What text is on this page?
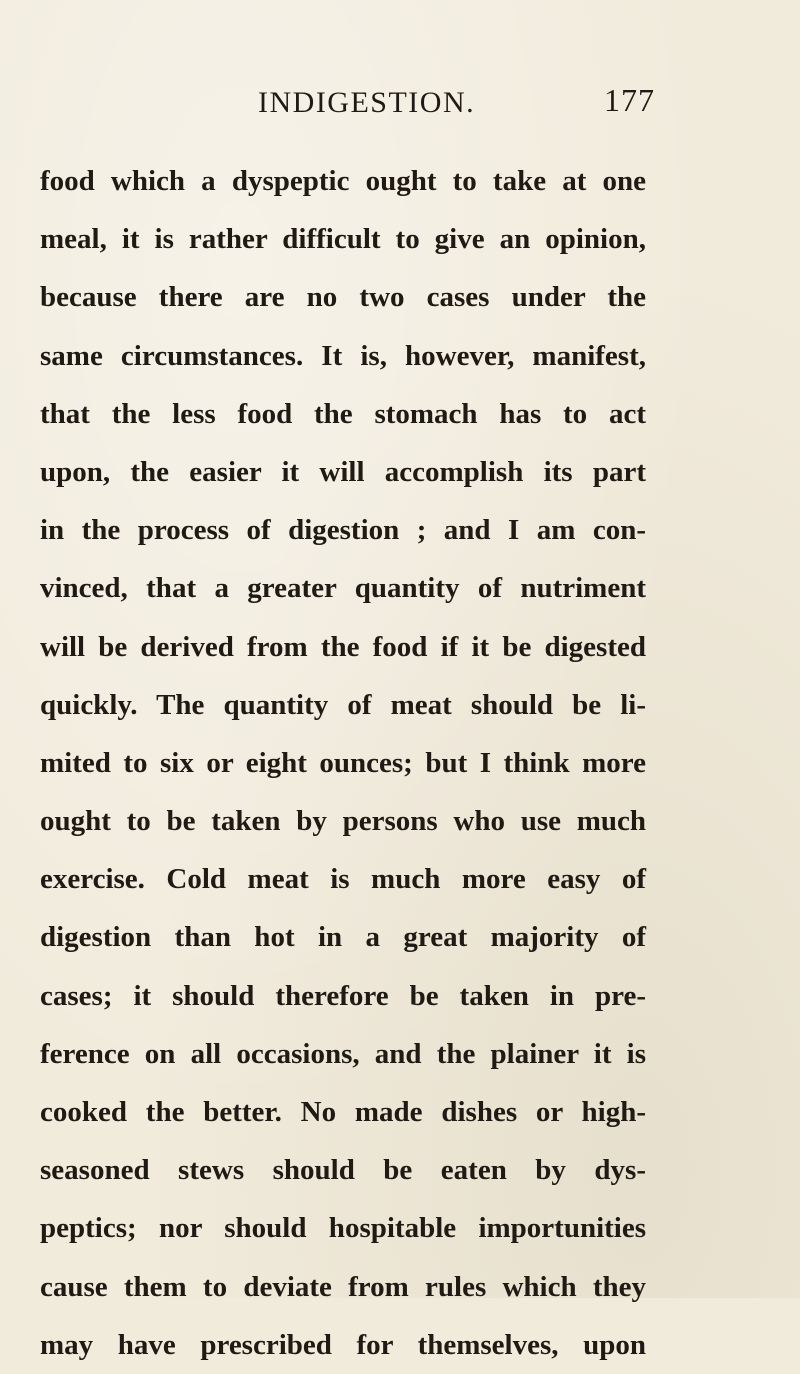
INDIGESTION.	177
food which a dyspeptic ought to take at one
meal, it is rather difficult to give an opinion,
because there are no two cases under the
same circumstances. It is, however, manifest,
that the less food the stomach has to act
upon, the easier it will accomplish its part
in the process of digestion ; and I am con-
vinced, that a greater quantity of nutriment
will be derived from the food if it be digested
quickly. The quantity of meat should be li-
mited to six or eight ounces; but I think more
ought to be taken by persons who use much
exercise. Cold meat is much more easy of
digestion than hot in a great majority of
cases; it should therefore be taken in pre-
ference on all occasions, and the plainer it is
cooked the better. No made dishes or high-
seasoned stews should be eaten by dys-
peptics; nor should hospitable importunities
cause them to deviate from rules which they
may have prescribed for themselves, upon
